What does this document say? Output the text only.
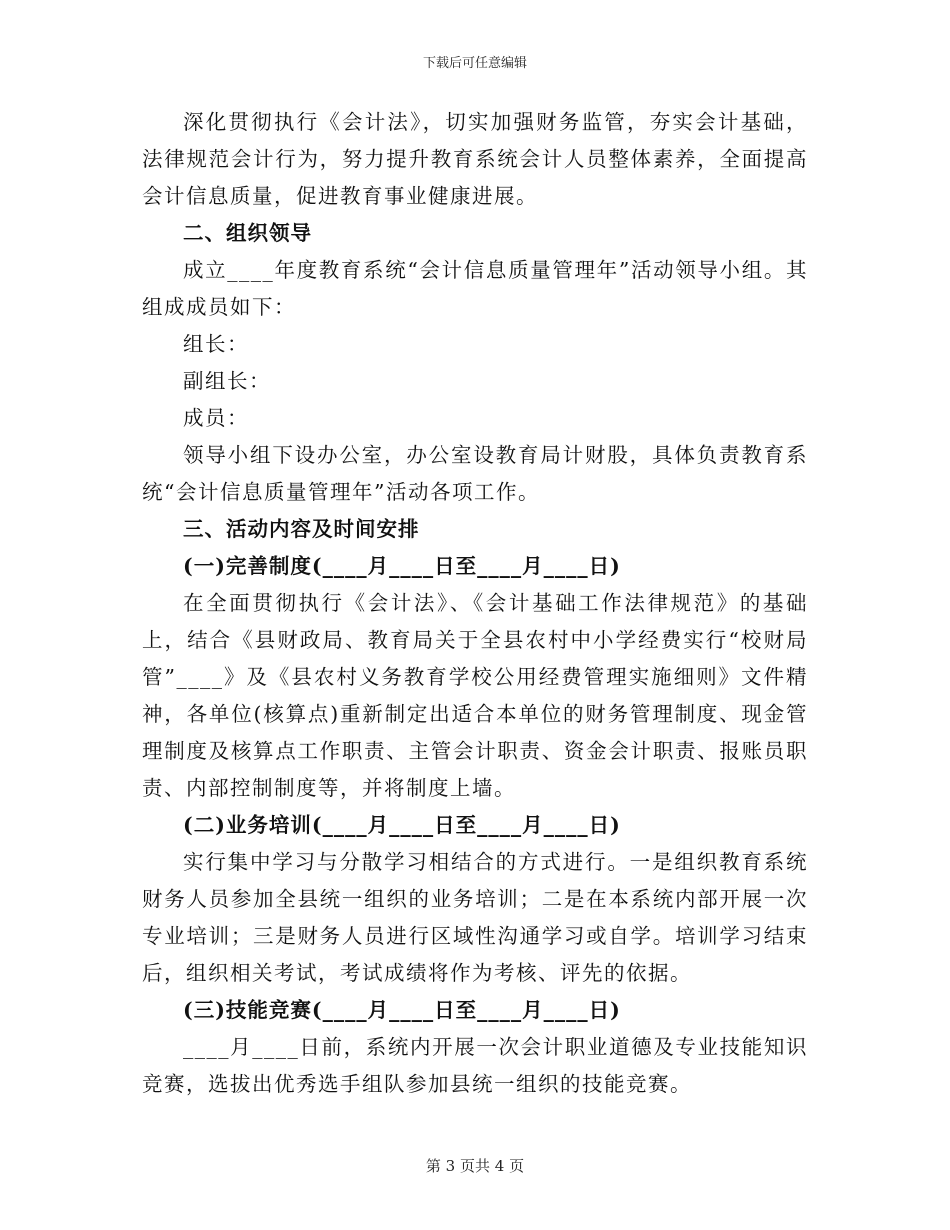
下载后可任意编辑

深化贯彻执行《会计法》，切实加强财务监管，夯实会计基础，法律规范会计行为，努力提升教育系统会计人员整体素养，全面提高会计信息质量，促进教育事业健康进展。

二、组织领导

成立____年度教育系统“会计信息质量管理年”活动领导小组。其组成成员如下：

组长：

副组长：

成员：

领导小组下设办公室，办公室设教育局计财股，具体负责教育系统“会计信息质量管理年”活动各项工作。

三、活动内容及时间安排

(一)完善制度(____月____日至____月____日)

在全面贯彻执行《会计法》、《会计基础工作法律规范》的基础上，结合《县财政局、教育局关于全县农村中小学经费实行“校财局管”____》及《县农村义务教育学校公用经费管理实施细则》文件精神，各单位(核算点)重新制定出适合本单位的财务管理制度、现金管理制度及核算点工作职责、主管会计职责、资金会计职责、报账员职责、内部控制制度等，并将制度上墙。

(二)业务培训(____月____日至____月____日)

实行集中学习与分散学习相结合的方式进行。一是组织教育系统财务人员参加全县统一组织的业务培训；二是在本系统内部开展一次专业培训；三是财务人员进行区域性沟通学习或自学。培训学习结束后，组织相关考试，考试成绩将作为考核、评先的依据。

(三)技能竞赛(____月____日至____月____日)

____月____日前，系统内开展一次会计职业道德及专业技能知识竞赛，选拔出优秀选手组队参加县统一组织的技能竞赛。

第 3 页共 4 页
